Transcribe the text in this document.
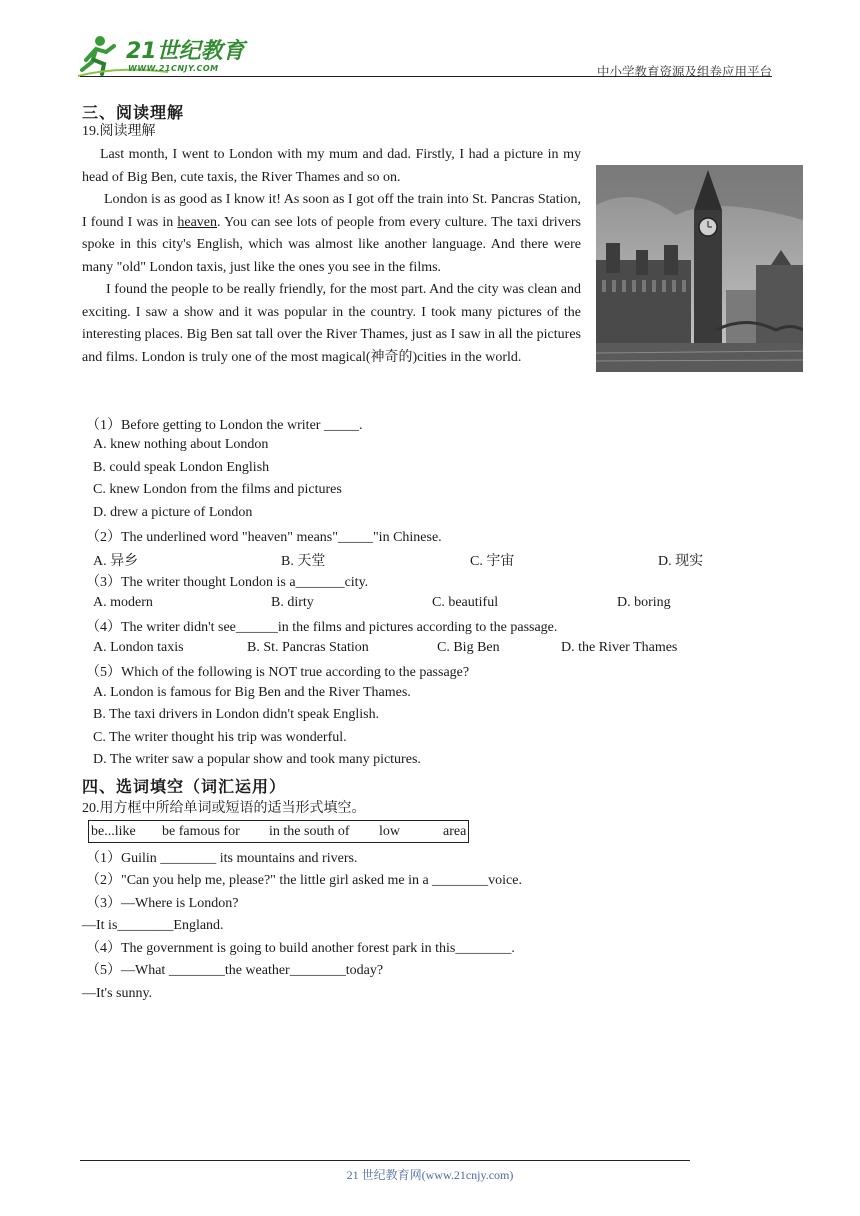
21世纪教育
WWW.21CNJY.COM	中小学教育资源及组卷应用平台
三、阅读理解
19.阅读理解

Last month, I went to London with my mum and dad. Firstly, I had a picture in my head of Big Ben, cute taxis, the River Thames and so on.

London is as good as I know it! As soon as I got off the train into St. Pancras Station, I found I was in heaven. You can see lots of people from every culture. The taxi drivers spoke in this city's English, which was almost like another language. And there were many "old" London taxis, just like the ones you see in the films.

I found the people to be really friendly, for the most part. And the city was clean and exciting. I saw a show and it was popular in the country. I took many pictures of the interesting places. Big Ben sat tall over the River Thames, just as I saw in all the pictures and films. London is truly one of the most magical(神奇的)cities in the world.

（1）Before getting to London the writer _____.
A. knew nothing about London
B. could speak London English
C. knew London from the films and pictures
D. drew a picture of London
（2）The underlined word "heaven" means"_____"in Chinese.
A. 异乡	B. 天堂	C. 宇宙	D. 现实
（3）The writer thought London is a_______city.
A. modern	B. dirty	C. beautiful	D. boring
（4）The writer didn't see______in the films and pictures according to the passage.
A. London taxis	B. St. Pancras Station	C. Big Ben	D. the River Thames
（5）Which of the following is NOT true according to the passage?
A. London is famous for Big Ben and the River Thames.
B. The taxi drivers in London didn't speak English.
C. The writer thought his trip was wonderful.
D. The writer saw a popular show and took many pictures.
四、选词填空（词汇运用）
20.用方框中所给单词或短语的适当形式填空。
be...like be famous for in the south of low	area
（1）Guilin ________ its mountains and rivers.
（2）"Can you help me, please?" the little girl asked me in a ________voice.
（3）—Where is London?
—It is________England.
（4）The government is going to build another forest park in this________.
（5）—What ________the weather________today?
—It's sunny.
21 世纪教育网(www.21cnjy.com)
